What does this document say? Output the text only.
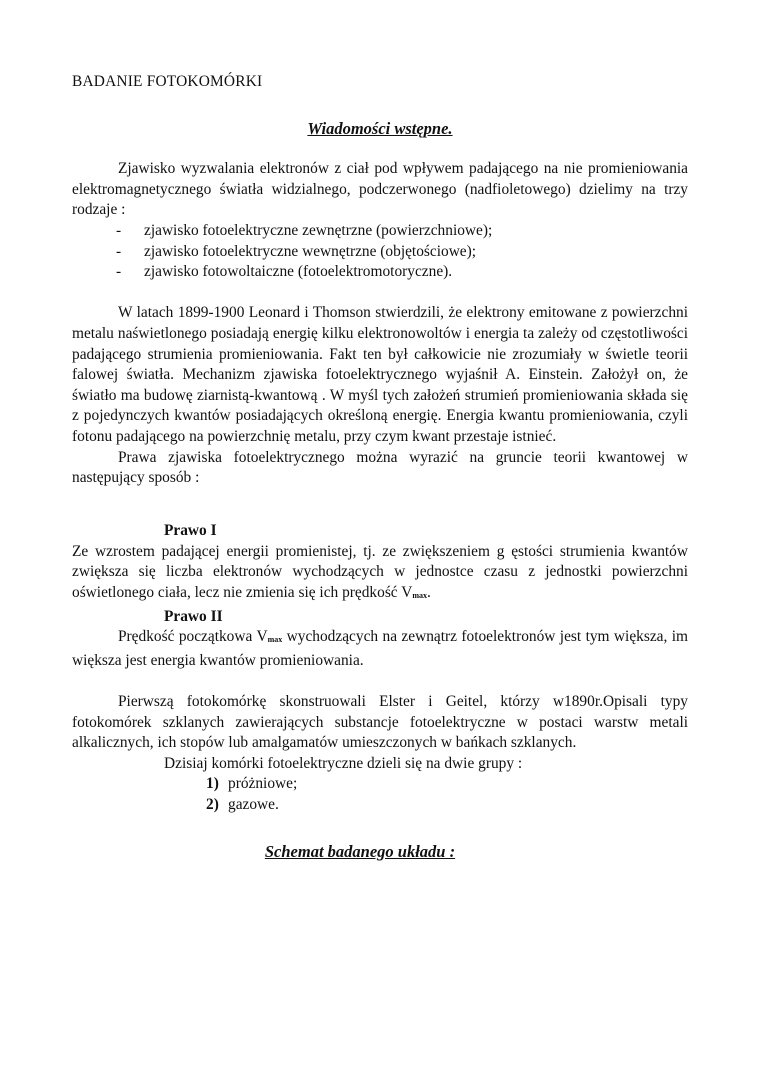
BADANIE FOTOKOMÓRKI
Wiadomości wstępne.

Zjawisko wyzwalania elektronów z ciał pod wpływem padającego na nie promieniowania elektromagnetycznego światła widzialnego, podczerwonego (nadfioletowego) dzielimy na trzy rodzaje :

- zjawisko fotoelektryczne zewnętrzne (powierzchniowe);
- zjawisko fotoelektryczne wewnętrzne (objętościowe);
- zjawisko fotowoltaiczne (fotoelektromotoryczne).

W latach 1899-1900 Leonard i Thomson stwierdzili, że elektrony emitowane z powierzchni metalu naświetlonego posiadają energię kilku elektronowoltów i energia ta zależy od częstotliwości padającego strumienia promieniowania. Fakt ten był całkowicie nie zrozumiały w świetle teorii falowej światła. Mechanizm zjawiska fotoelektrycznego wyjaśnił A. Einstein. Założył on, że światło ma budowę ziarnistą-kwantową . W myśl tych założeń strumień promieniowania składa się z pojedynczych kwantów posiadających określoną energię. Energia kwantu promieniowania, czyli fotonu padającego na powierzchnię metalu, przy czym kwant przestaje istnieć.

Prawa zjawiska fotoelektrycznego można wyrazić na gruncie teorii kwantowej w następujący sposób :

Prawo I

Ze wzrostem padającej energii promienistej, tj. ze zwiększeniem g ęstości strumienia kwantów zwiększa się liczba elektronów wychodzących w jednostce czasu z jednostki powierzchni oświetlonego ciała, lecz nie zmienia się ich prędkość $V_{max}$.

Prawo II

Prędkość początkowa $V_{max}$ wychodzących na zewnątrz fotoelektronów jest tym większa, im większa jest energia kwantów promieniowania.

Pierwszą fotokomórkę skonstruowali Elster i Geitel, którzy w1890r.Opisali typy fotokomórek szklanych zawierających substancje fotoelektryczne w postaci warstw metali alkalicznych, ich stopów lub amalgamatów umieszczonych w bańkach szklanych.

Dzisiaj komórki fotoelektryczne dzieli się na dwie grupy :

1) próżniowe;
2) gazowe.
Schemat badanego układu :
